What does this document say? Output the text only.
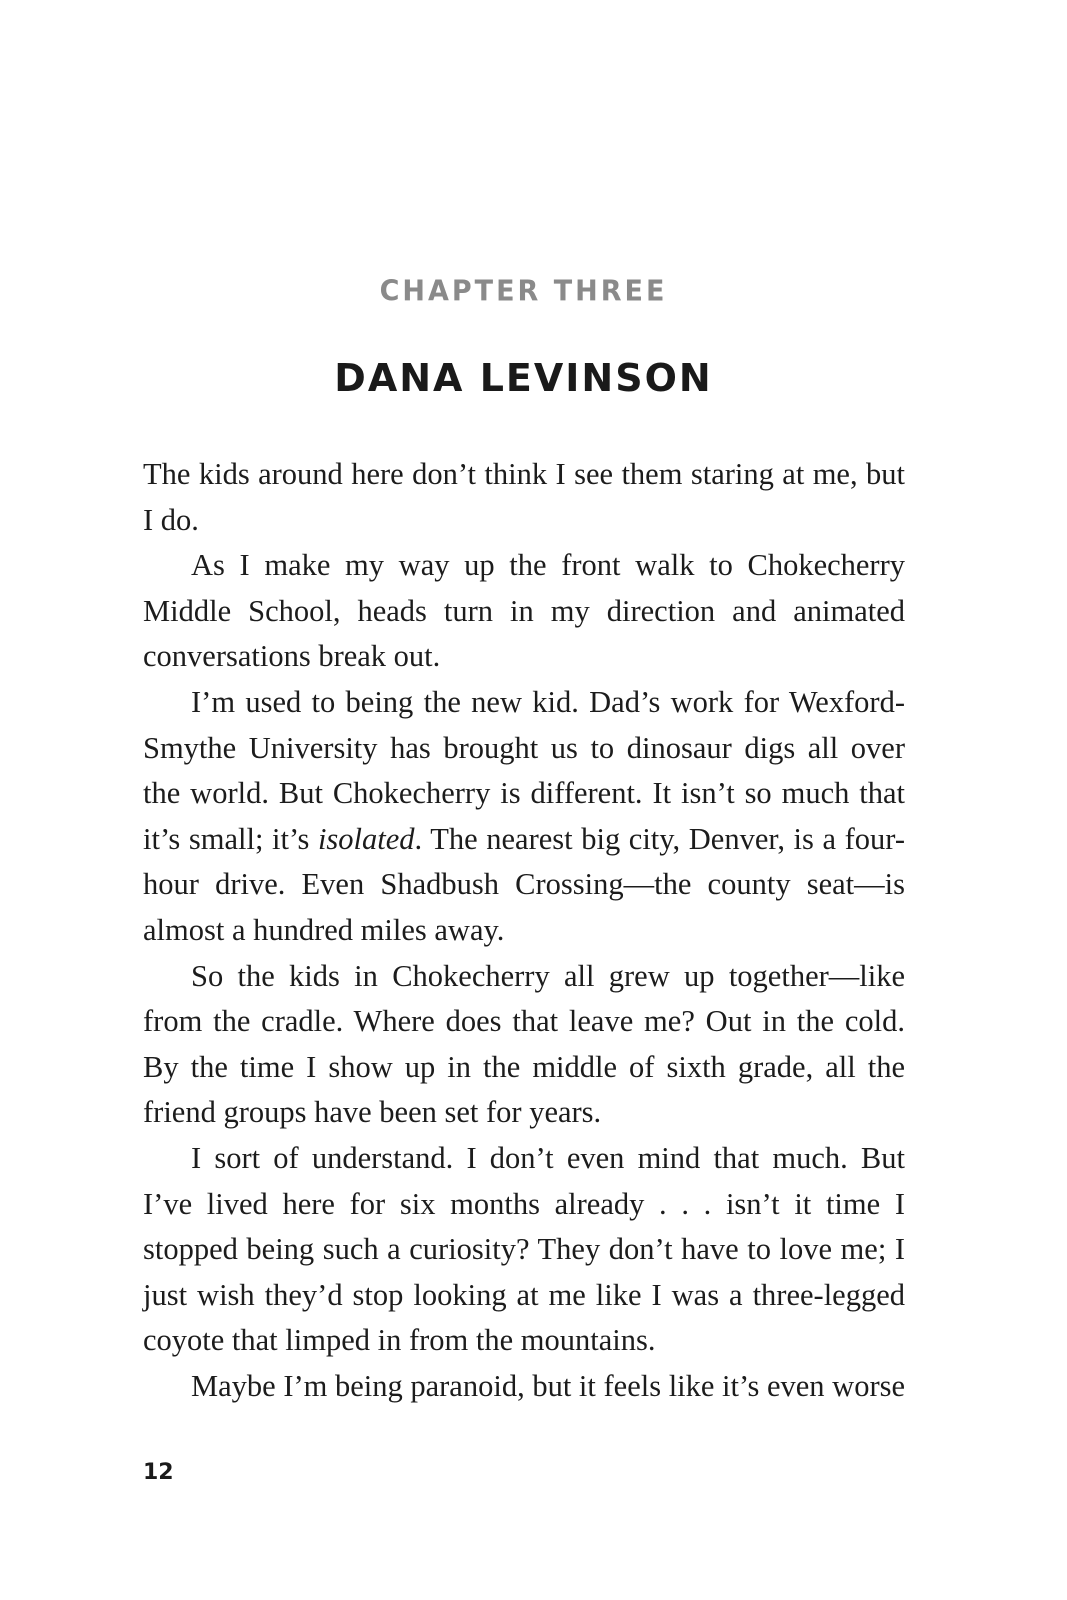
CHAPTER THREE
DANA LEVINSON

The kids around here don’t think I see them staring at me, but I do.

As I make my way up the front walk to Chokecherry Middle School, heads turn in my direction and animated conversations break out.

I’m used to being the new kid. Dad’s work for Wexford-Smythe University has brought us to dinosaur digs all over the world. But Chokecherry is different. It isn’t so much that it’s small; it’s isolated. The nearest big city, Denver, is a four-hour drive. Even Shadbush Crossing—the county seat—is almost a hundred miles away.

So the kids in Chokecherry all grew up together—like from the cradle. Where does that leave me? Out in the cold. By the time I show up in the middle of sixth grade, all the friend groups have been set for years.

I sort of understand. I don’t even mind that much. But I’ve lived here for six months already . . . isn’t it time I stopped being such a curiosity? They don’t have to love me; I just wish they’d stop looking at me like I was a three-legged coyote that limped in from the mountains.

Maybe I’m being paranoid, but it feels like it’s even worse

12
